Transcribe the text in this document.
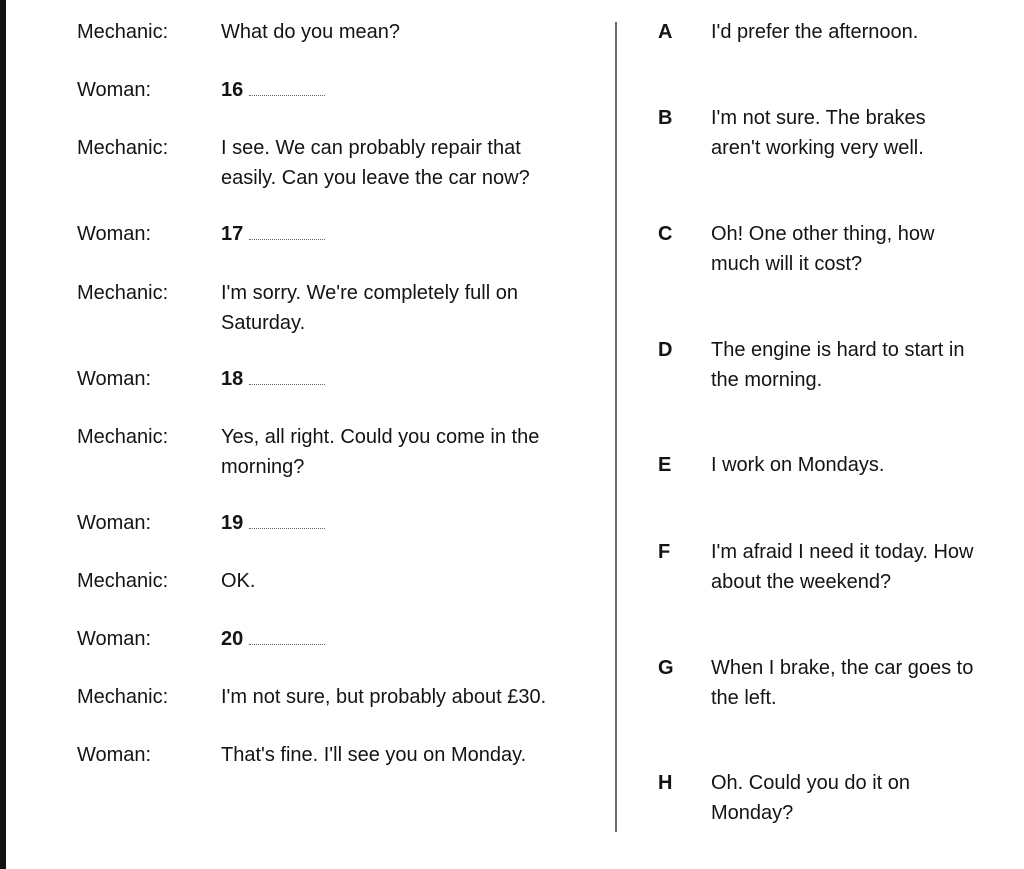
Mechanic:	What do you mean?
Woman:	16
Mechanic:	I see. We can probably repair that easily. Can you leave the car now?
Woman:	17
Mechanic:	I'm sorry. We're completely full on Saturday.
Woman:	18
Mechanic:	Yes, all right. Could you come in the morning?
Woman:	19
Mechanic:	OK.
Woman:	20
Mechanic:	I'm not sure, but probably about £30.
Woman:	That's fine. I'll see you on Monday.
A I'd prefer the afternoon.
B I'm not sure. The brakes aren't working very well.
C Oh! One other thing, how much will it cost?
D The engine is hard to start in the morning.
E I work on Mondays.
F I'm afraid I need it today. How about the weekend?
G When I brake, the car goes to the left.
H Oh. Could you do it on Monday?
